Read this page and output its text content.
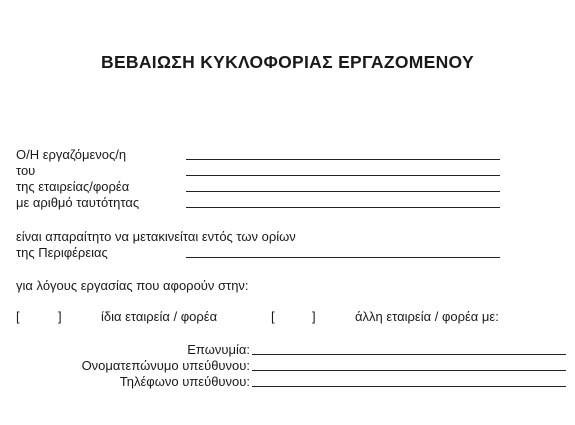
ΒΕΒΑΙΩΣΗ ΚΥΚΛΟΦΟΡΙΑΣ ΕΡΓΑΖΟΜΕΝΟΥ
Ο/Η εργαζόμενος/η
του
της εταιρείας/φορέα
με αριθμό ταυτότητας
είναι απαραίτητο να μετακινείται εντός των ορίων
της Περιφέρειας
για λόγους εργασίας που αφορούν στην:
[	]	ίδια εταιρεία / φορέα	[	]	άλλη εταιρεία / φορέα με:
Επωνυμία:
Ονοματεπώνυμο υπεύθυνου:
Τηλέφωνο υπεύθυνου:
